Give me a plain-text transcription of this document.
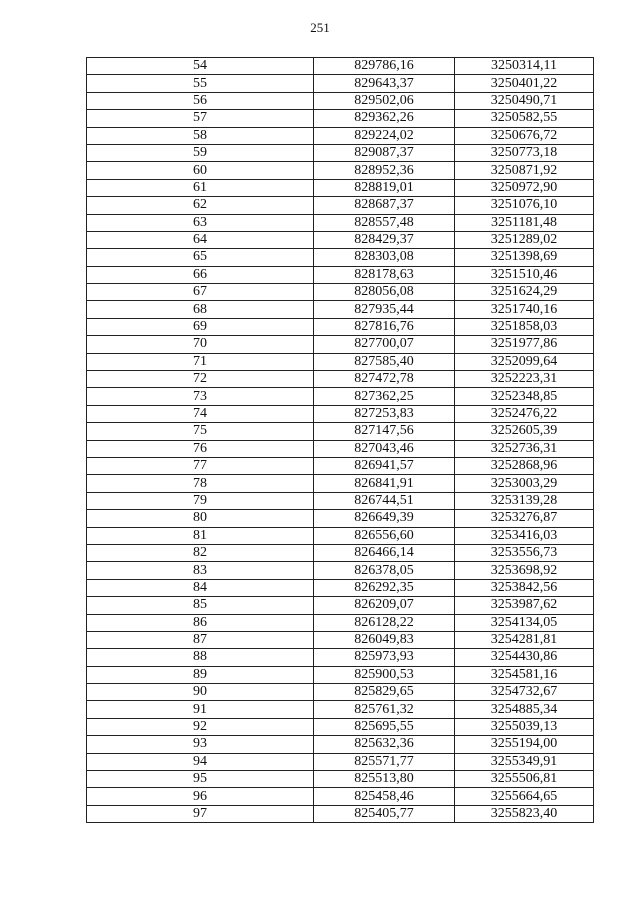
251
54	829786,16	3250314,11
55	829643,37	3250401,22
56	829502,06	3250490,71
57	829362,26	3250582,55
58	829224,02	3250676,72
59	829087,37	3250773,18
60	828952,36	3250871,92
61	828819,01	3250972,90
62	828687,37	3251076,10
63	828557,48	3251181,48
64	828429,37	3251289,02
65	828303,08	3251398,69
66	828178,63	3251510,46
67	828056,08	3251624,29
68	827935,44	3251740,16
69	827816,76	3251858,03
70	827700,07	3251977,86
71	827585,40	3252099,64
72	827472,78	3252223,31
73	827362,25	3252348,85
74	827253,83	3252476,22
75	827147,56	3252605,39
76	827043,46	3252736,31
77	826941,57	3252868,96
78	826841,91	3253003,29
79	826744,51	3253139,28
80	826649,39	3253276,87
81	826556,60	3253416,03
82	826466,14	3253556,73
83	826378,05	3253698,92
84	826292,35	3253842,56
85	826209,07	3253987,62
86	826128,22	3254134,05
87	826049,83	3254281,81
88	825973,93	3254430,86
89	825900,53	3254581,16
90	825829,65	3254732,67
91	825761,32	3254885,34
92	825695,55	3255039,13
93	825632,36	3255194,00
94	825571,77	3255349,91
95	825513,80	3255506,81
96	825458,46	3255664,65
97	825405,77	3255823,40
